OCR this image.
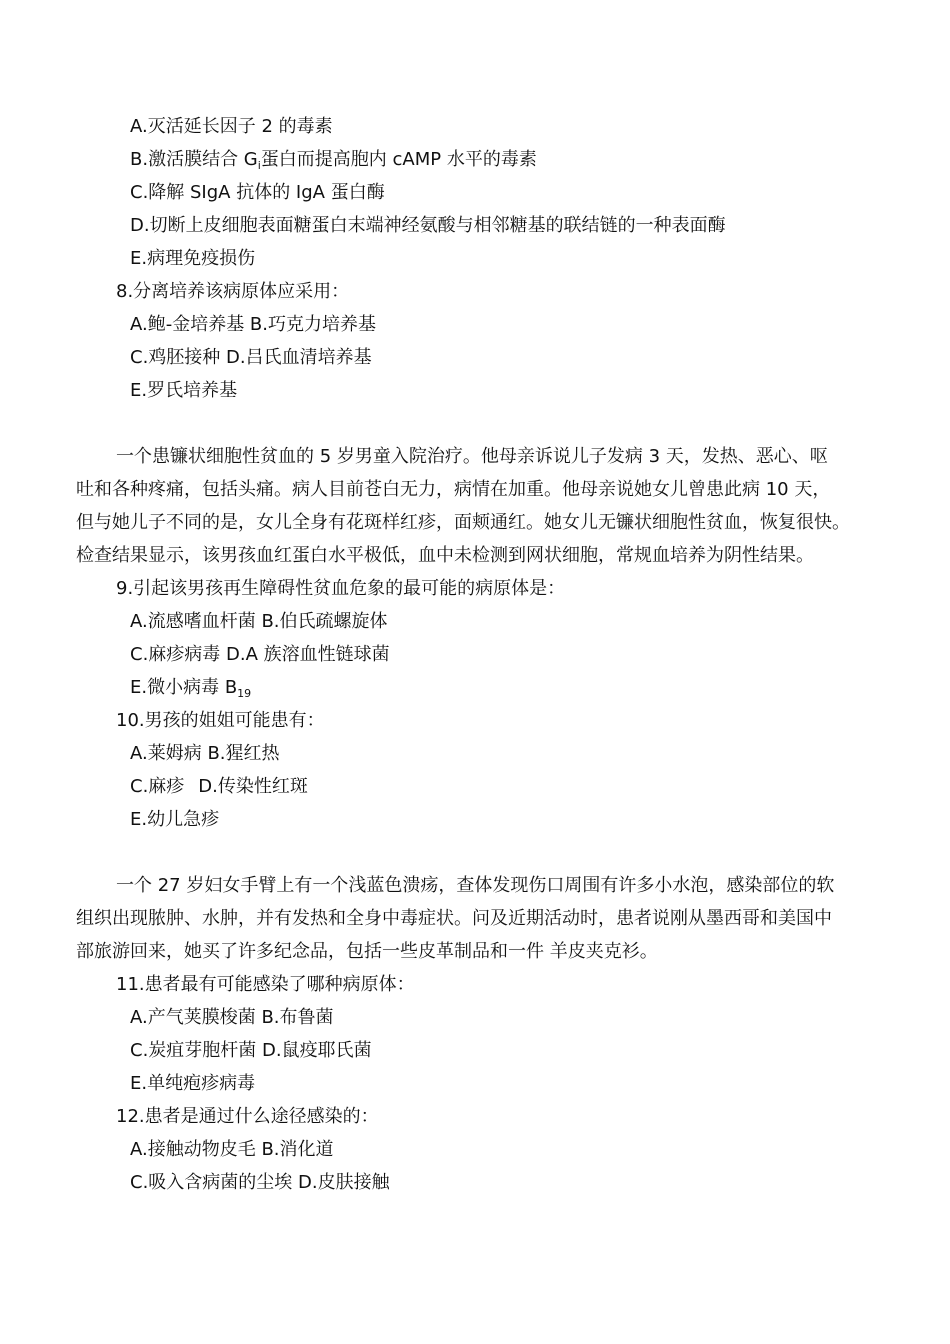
A.灭活延长因子 2 的毒素
B.激活膜结合 $G_i$蛋白而提高胞内 cAMP 水平的毒素
C.降解 SIgA 抗体的 IgA 蛋白酶
D.切断上皮细胞表面糖蛋白末端神经氨酸与相邻糖基的联结链的一种表面酶
E.病理免疫损伤
8.分离培养该病原体应采用：
A.鲍-金培养基 B.巧克力培养基
C.鸡胚接种 D.吕氏血清培养基
E.罗氏培养基
一个患镰状细胞性贫血的 5 岁男童入院治疗。他母亲诉说儿子发病 3 天，发热、恶心、呕
吐和各种疼痛，包括头痛。病人目前苍白无力，病情在加重。他母亲说她女儿曾患此病 10 天，
但与她儿子不同的是，女儿全身有花斑样红疹，面颊通红。她女儿无镰状细胞性贫血，恢复很快。
检查结果显示，该男孩血红蛋白水平极低，血中未检测到网状细胞，常规血培养为阴性结果。
9.引起该男孩再生障碍性贫血危象的最可能的病原体是：
A.流感嗜血杆菌 B.伯氏疏螺旋体
C.麻疹病毒 D.A 族溶血性链球菌
E.微小病毒 $B_{19}$
10.男孩的姐姐可能患有：
A.莱姆病 B.猩红热
C.麻疹 D.传染性红斑
E.幼儿急疹
一个 27 岁妇女手臂上有一个浅蓝色溃疡，查体发现伤口周围有许多小水泡，感染部位的软
组织出现脓肿、水肿，并有发热和全身中毒症状。问及近期活动时，患者说刚从墨西哥和美国中
部旅游回来，她买了许多纪念品，包括一些皮革制品和一件 羊皮夹克衫。
11.患者最有可能感染了哪种病原体：
A.产气荚膜梭菌 B.布鲁菌
C.炭疽芽胞杆菌 D.鼠疫耶氏菌
E.单纯疱疹病毒
12.患者是通过什么途径感染的：
A.接触动物皮毛 B.消化道
C.吸入含病菌的尘埃 D.皮肤接触
